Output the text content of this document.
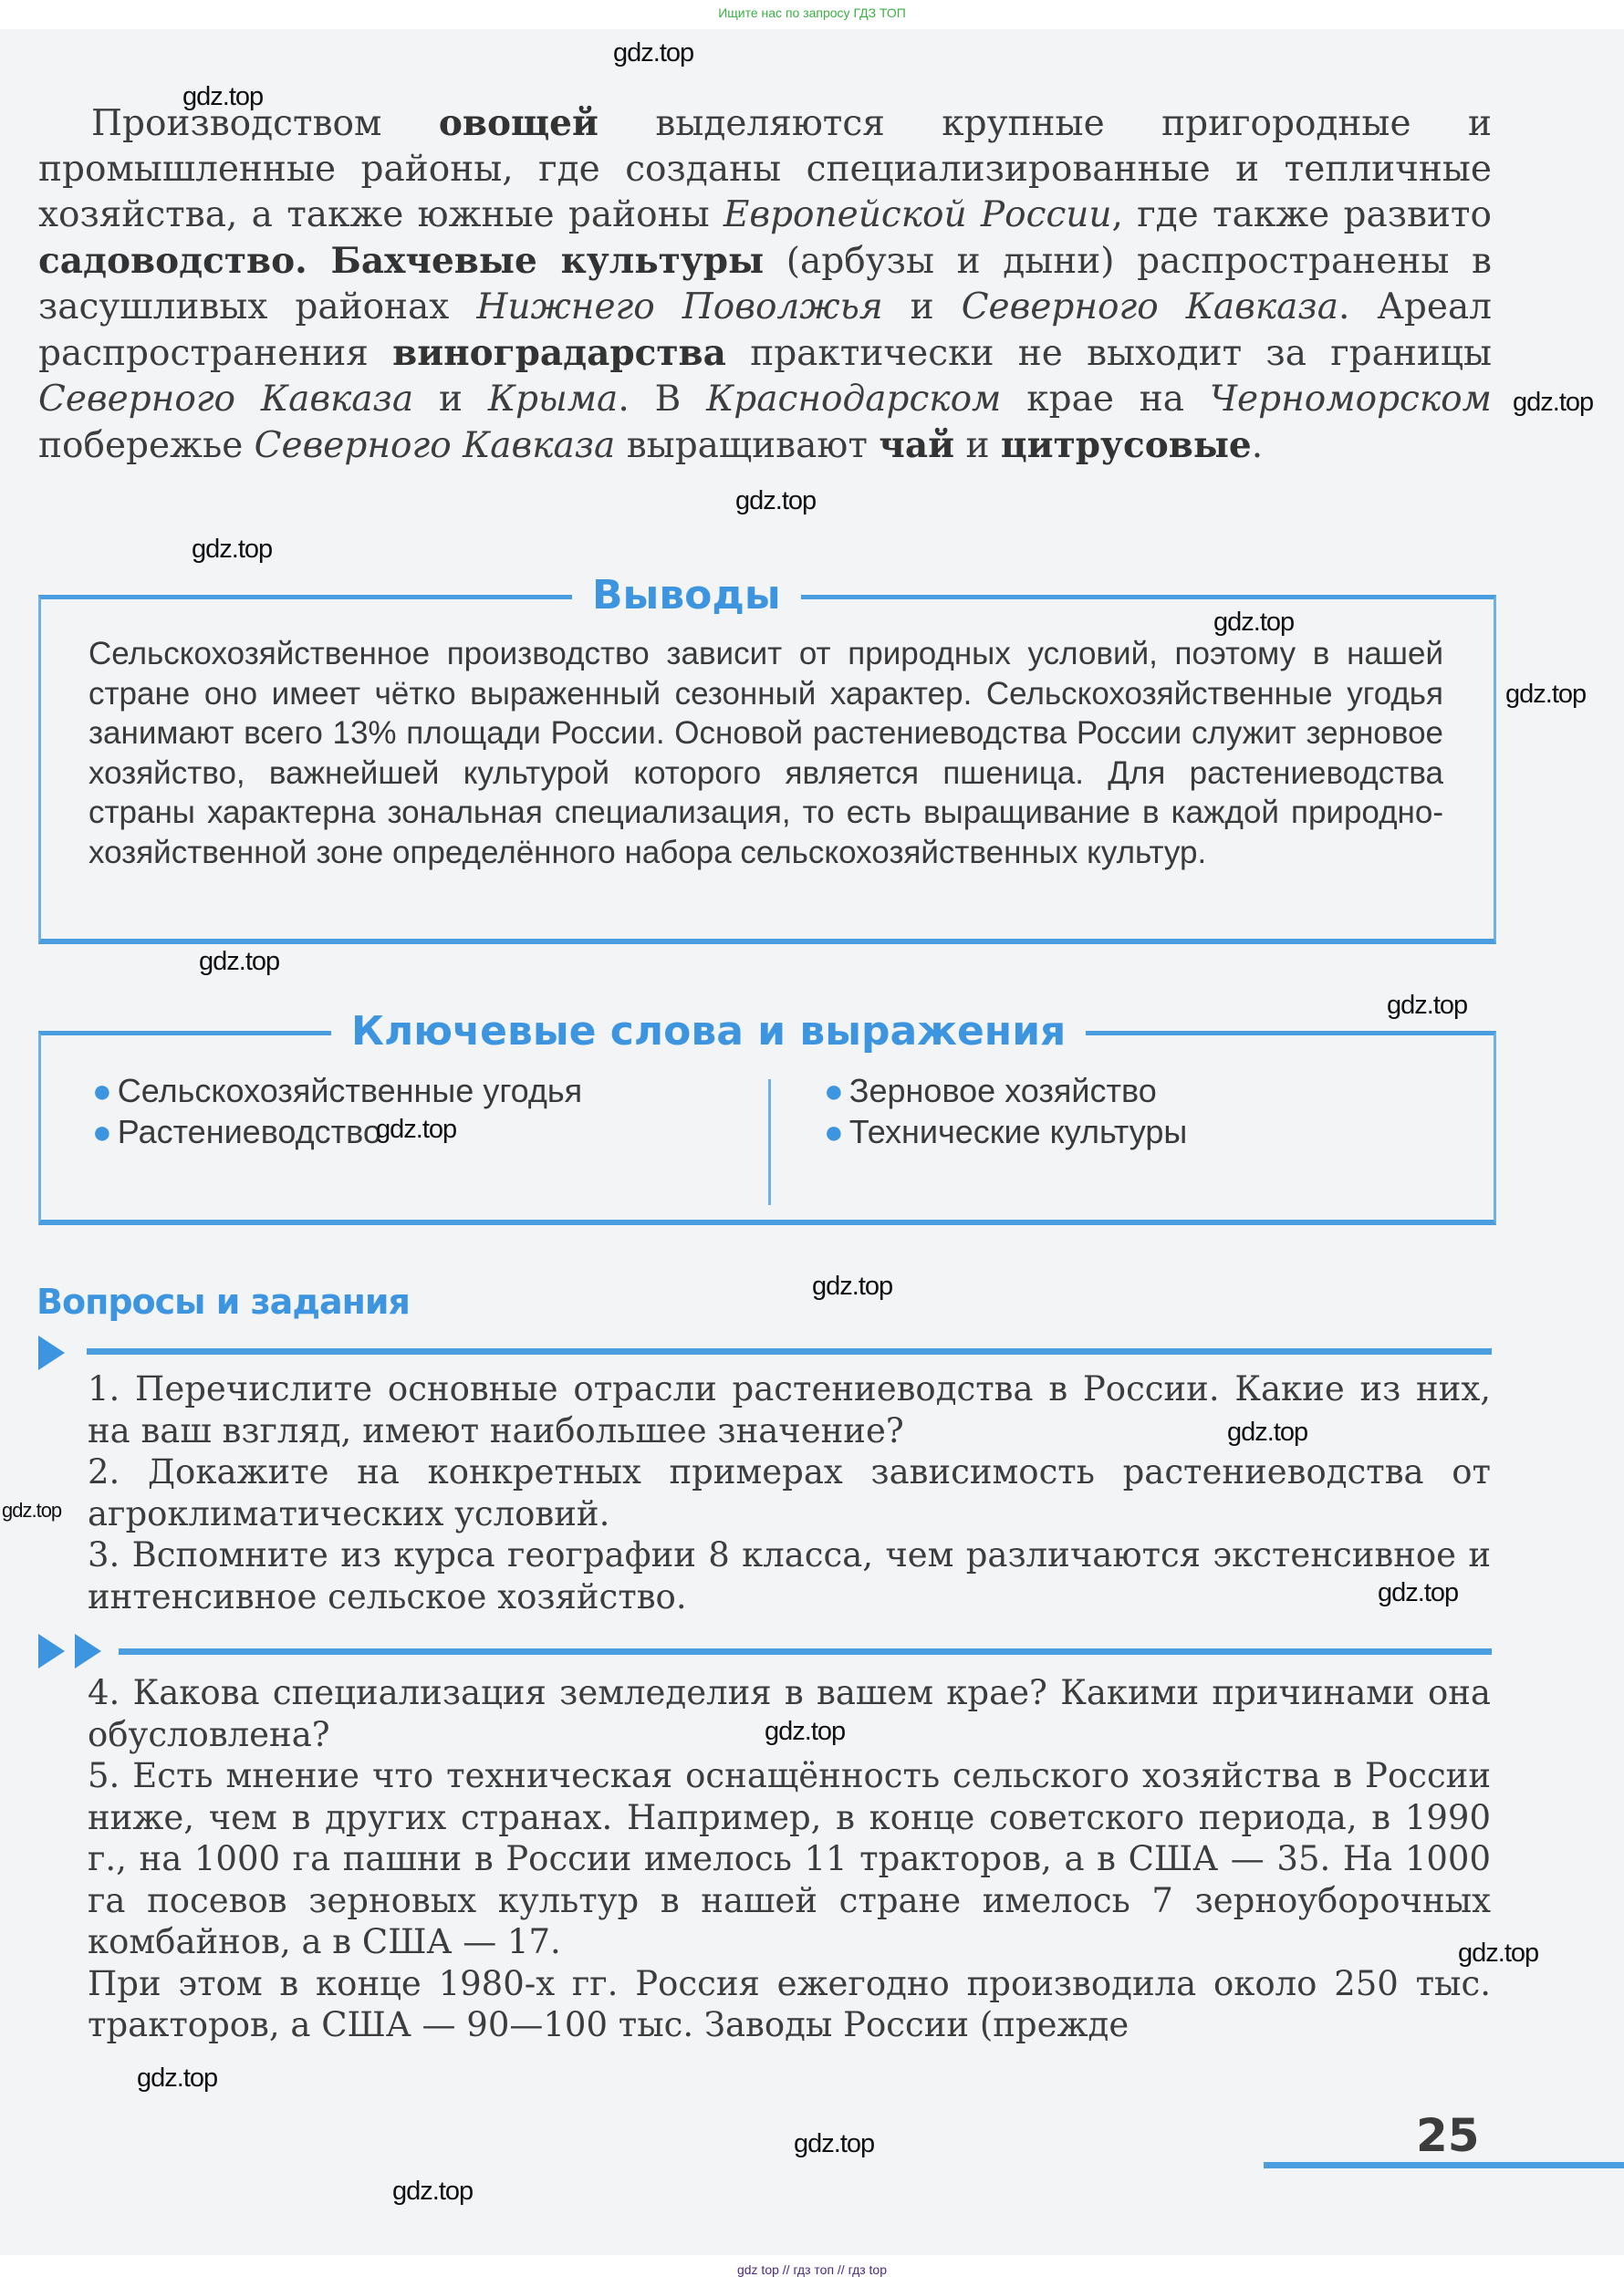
Ищите нас по запросу ГДЗ ТОП
Производством овощей выделяются крупные пригородные и промышленные районы, где созданы специализированные и тепличные хозяйства, а также южные районы Европейской России, где также развито садоводство. Бахчевые культуры (арбузы и дыни) распространены в засушливых районах Нижнего Поволжья и Северного Кавказа. Ареал распространения виноградарства практически не выходит за границы Северного Кавказа и Крыма. В Краснодарском крае на Черноморском побережье Северного Кавказа выращивают чай и цитрусовые.
Выводы
Сельскохозяйственное производство зависит от природных условий, поэтому в нашей стране оно имеет чётко выраженный сезонный характер. Сельскохозяйственные угодья занимают всего 13% площади России. Основой растениеводства России служит зерновое хозяйство, важнейшей культурой которого является пшеница. Для растениеводства страны характерна зональная специализация, то есть выращивание в каждой природно-хозяйственной зоне определённого набора сельскохозяйственных культур.
Ключевые слова и выражения
● Сельскохозяйственные угодья
● Растениеводство
● Зерновое хозяйство
● Технические культуры
Вопросы и задания

1. Перечислите основные отрасли растениеводства в России. Какие из них, на ваш взгляд, имеют наибольшее значение?

2. Докажите на конкретных примерах зависимость растениеводства от агроклиматических условий.

3. Вспомните из курса географии 8 класса, чем различаются экстенсивное и интенсивное сельское хозяйство.

4. Какова специализация земледелия в вашем крае? Какими причинами она обусловлена?

5. Есть мнение что техническая оснащённость сельского хозяйства в России ниже, чем в других странах. Например, в конце советского периода, в 1990 г., на 1000 га пашни в России имелось 11 тракторов, а в США — 35. На 1000 га посевов зерновых культур в нашей стране имелось 7 зерноуборочных комбайнов, а в США — 17.

При этом в конце 1980-х гг. Россия ежегодно производила около 250 тыс. тракторов, а США — 90—100 тыс. Заводы России (прежде

25
gdz.top
gdz.top
gdz.top
gdz.top
gdz.top
gdz.top
gdz.top
gdz.top
gdz.top
gdz.top
gdz.top
gdz.top
gdz.top
gdz.top
gdz.top
gdz.top
gdz.top
gdz.top
gdz.top
gdz top // гдз топ // гдз top
